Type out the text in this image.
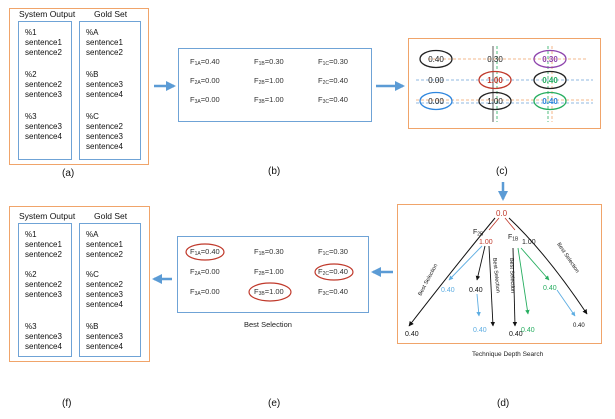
System Output
%1
sentence1
sentence2
%2
sentence2
sentence3
%3
sentence3
sentence4
Gold Set
%A
sentence1
sentence2
%B
sentence3
sentence4
%C
sentence2
sentence3
sentence4
(a)
$F_{1A}=0.40$	$F_{1B}=0.30$	$F_{1C}=0.30$
$F_{2A}=0.00$	$F_{2B}=1.00$	$F_{2C}=0.40$
$F_{3A}=0.00$	$F_{3B}=1.00$	$F_{3C}=0.40$
(b)
0.40	0.30	0.30
0.00	1.00	0.40
0.00	1.00	0.40
(c)
0.0
$F_{2B}$
1.00
$F_{1B}$ 1.00
0.40 0.40
0.40
0.40
0.40
0.40
0.40
0.40
Best Selection	Best Selection Best Selection	Best Selection
Technique Depth Search
(d)
$F_{1A}=0.40$	$F_{1B}=0.30$	$F_{1C}=0.30$
$F_{2A}=0.00$	$F_{2B}=1.00$	$F_{2C}=0.40$
$F_{3A}=0.00$	$F_{3B}=1.00$	$F_{3C}=0.40$
Best Selection
(e)
System Output
%1
sentence1
sentence2
%2
sentence2
sentence3
%3
sentence3
sentence4
Gold Set
%A
sentence1
sentence2
%C
sentence2
sentence3
sentence4
%B
sentence3
sentence4
(f)
